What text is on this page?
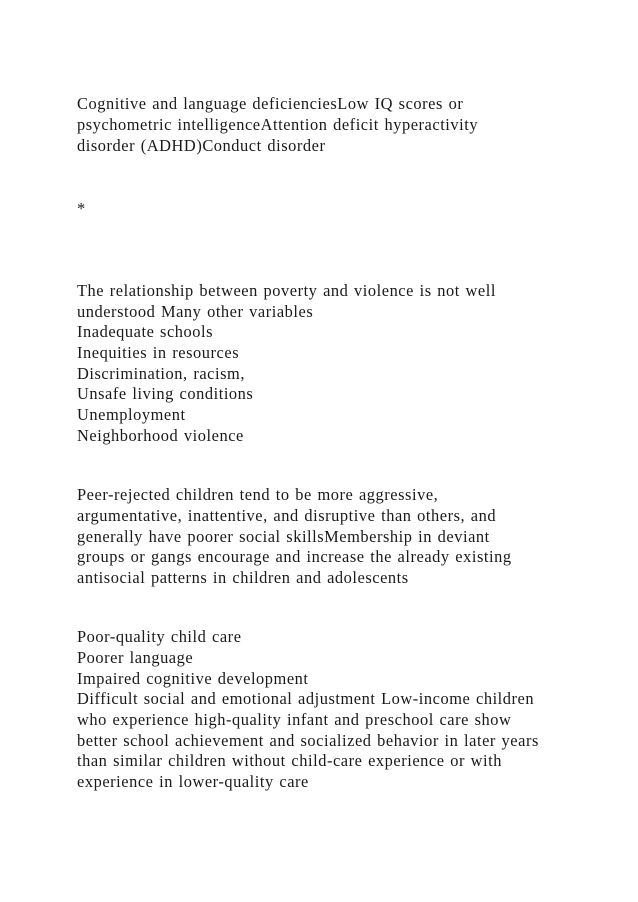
Cognitive and language deficienciesLow IQ scores or
psychometric intelligenceAttention deficit hyperactivity
disorder (ADHD)Conduct disorder
*
The relationship between poverty and violence is not well
understood Many other variables
Inadequate schools
Inequities in resources
Discrimination, racism,
Unsafe living conditions
Unemployment
Neighborhood violence
Peer-rejected children tend to be more aggressive,
argumentative, inattentive, and disruptive than others, and
generally have poorer social skillsMembership in deviant
groups or gangs encourage and increase the already existing
antisocial patterns in children and adolescents
Poor-quality child care
Poorer language
Impaired cognitive development
Difficult social and emotional adjustment Low-income children
who experience high-quality infant and preschool care show
better school achievement and socialized behavior in later years
than similar children without child-care experience or with
experience in lower-quality care
